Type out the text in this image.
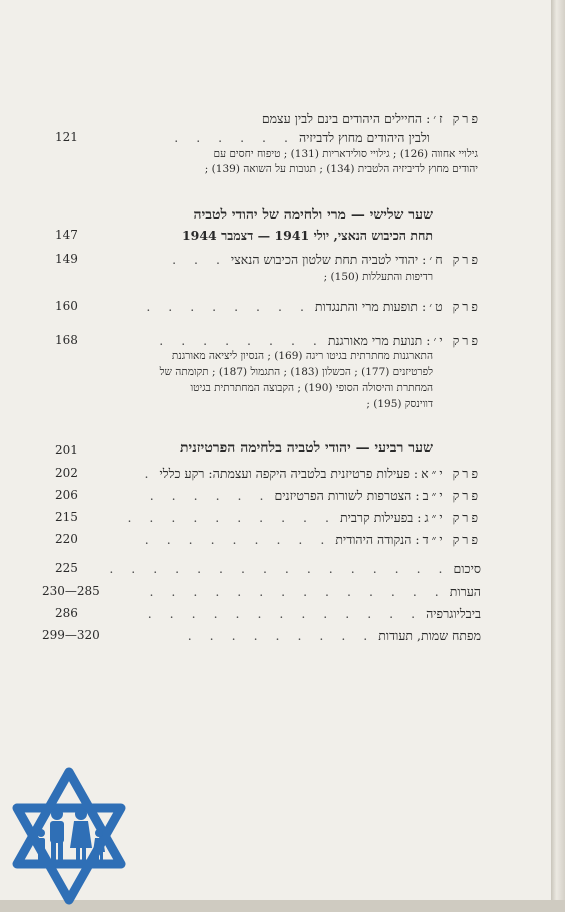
פרק ז׳: החיילים היהודים בינם לבין עצמם
ולבין היהודים מחוץ לדביזיה . . . . . .
121
גילויי אחווה (126) ; גילויי סולידאריות (131) ; טיפוח יחסים עם
יהודים מחוץ לדיביזיה הלטבית (134) ; תגובות על השואה (139) ;
שער שלישי — מרי ולחימה של יהודי לטביה
תחת הכיבוש הנאצי, יולי 1941 — דצמבר 1944
147
פרק ח׳: יהודי לטביה תחת שלטון הכיבוש הנאצי . . .
149
רדיפות והתעללות (150) ;
פרק ט׳: תופעות מרי והתנגדות . . . . . . . .
160
פרק י׳: תנועת מרי מאורגנת . . . . . . . .
168
התארגנות מחתרתית בגיטו ריגה (169) ; הנסיון ליציאה מאורגנת
לפרטיזנים (177) ; הכשלון (183) ; התגמול (187) ; תקומתה של
המחתרת והיסולה הסופי (190) ; הקבוצה המחתרתית בגיטו
דווינסק (195) ;
שער רביעי — יהודי לטביה בלחימה הפרטיזנית
201
פרק י״א: פעילות פרטיזנית בלטביה היקפה ועצמתה: רקע כללי .
202
פרק י״ב: הצטרפות לשורות הפרטיזנים . . . . . .
206
פרק י״ג: בפעילות קרבית . . . . . . . . . .
215
פרק י״ד: הנקודה היהודית . . . . . . . . .
220
סיכום . . . . . . . . . . . . . . . .
225
הערות . . . . . . . . . . . . . .
230—285
ביבליוגרפיה . . . . . . . . . . . . .
286
מפתח שמות, תעודות . . . . . . . . .
299—320
